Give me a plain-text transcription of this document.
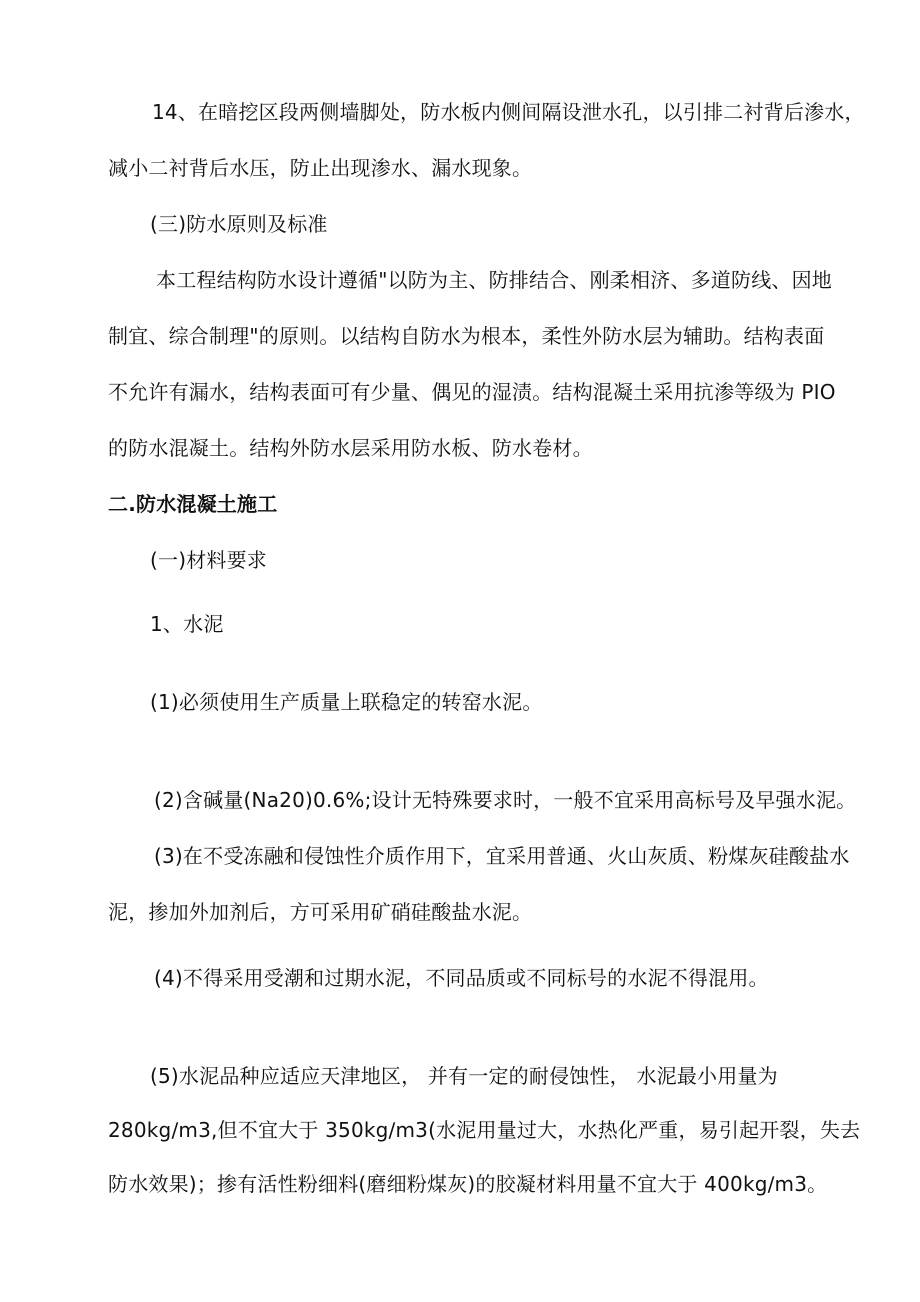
14、在暗挖区段两侧墙脚处，防水板内侧间隔设泄水孔，以引排二衬背后渗水，
减小二衬背后水压，防止出现渗水、漏水现象。
(三)防水原则及标准
本工程结构防水设计遵循"以防为主、防排结合、刚柔相济、多道防线、因地
制宜、综合制理"的原则。以结构自防水为根本，柔性外防水层为辅助。结构表面
不允许有漏水，结构表面可有少量、偶见的湿渍。结构混凝土采用抗渗等级为 PIO
的防水混凝土。结构外防水层采用防水板、防水卷材。
二.防水混凝土施工
(一)材料要求
1、水泥
(1)必须使用生产质量上联稳定的转窑水泥。
(2)含碱量(Na20)0.6%;设计无特殊要求时，一般不宜采用高标号及早强水泥。
(3)在不受冻融和侵蚀性介质作用下，宜采用普通、火山灰质、粉煤灰硅酸盐水
泥，掺加外加剂后，方可采用矿硝硅酸盐水泥。
(4)不得采用受潮和过期水泥，不同品质或不同标号的水泥不得混用。
(5)水泥品种应适应天津地区， 并有一定的耐侵蚀性， 水泥最小用量为
280kg∕m3,但不宜大于 350kg∕m3(水泥用量过大，水热化严重，易引起开裂，失去
防水效果)；掺有活性粉细料(磨细粉煤灰)的胶凝材料用量不宜大于 400kg∕m3。
